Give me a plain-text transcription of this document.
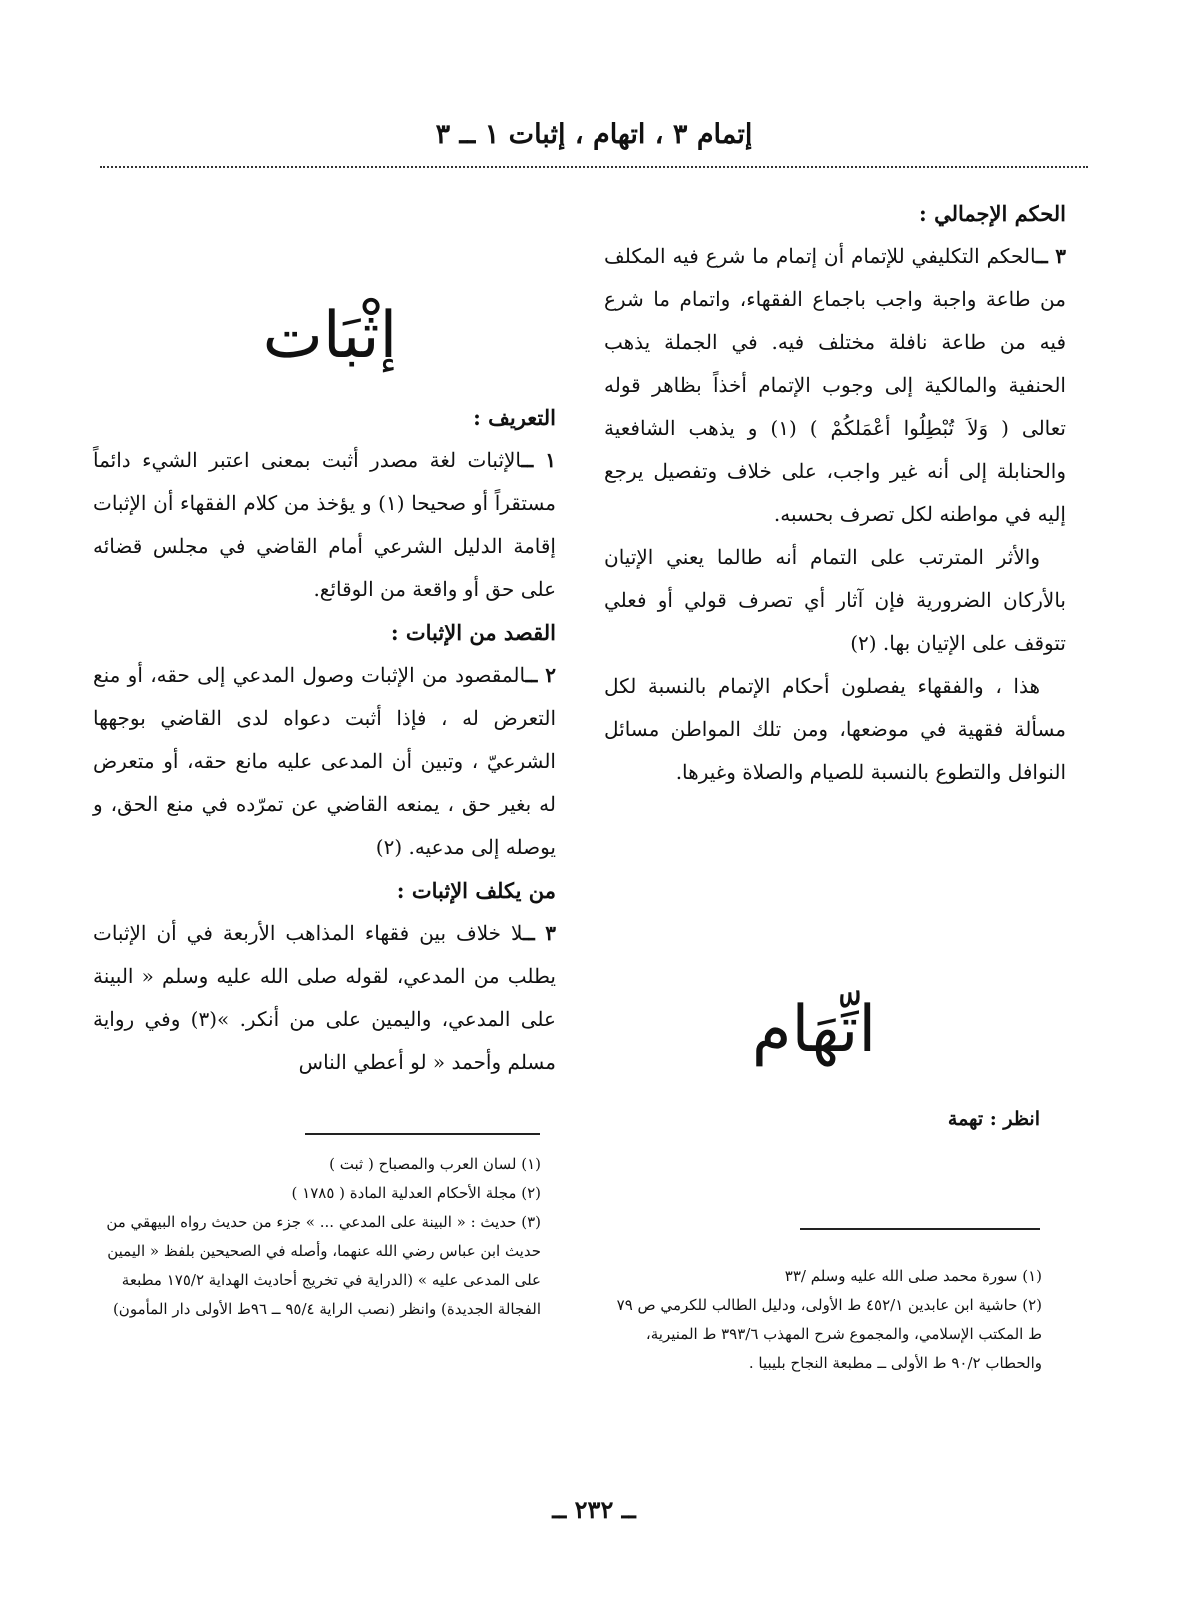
إتمام ٣ ، اتهام ، إثبات ١ ــ ٣

الحكم الإجمالي :

٣ ــالحكم التكليفي للإتمام أن إتمام ما شرع فيه المكلف من طاعة واجبة واجب باجماع الفقهاء، واتمام ما شرع فيه من طاعة نافلة مختلف فيه. في الجملة يذهب الحنفية والمالكية إلى وجوب الإتمام أخذاً بظاهر قوله تعالى ( وَلاَ تُبْطِلُوا أعْمَلكُمْ ) (١) و يذهب الشافعية والحنابلة إلى أنه غير واجب، على خلاف وتفصيل يرجع إليه في مواطنه لكل تصرف بحسبه.

والأثر المترتب على التمام أنه طالما يعني الإتيان بالأركان الضرورية فإن آثار أي تصرف قولي أو فعلي تتوقف على الإتيان بها. (٢)

هذا ، والفقهاء يفصلون أحكام الإتمام بالنسبة لكل مسألة فقهية في موضعها، ومن تلك المواطن مسائل النوافل والتطوع بالنسبة للصيام والصلاة وغيرها.

اتِّهَام
انظر : تهمة

(١) سورة محمد صلى الله عليه وسلم /٣٣

(٢) حاشية ابن عابدين ٤٥٢/١ ط الأولى، ودليل الطالب للكرمي ص ٧٩ ط المكتب الإسلامي، والمجموع شرح المهذب ٣٩٣/٦ ط المنيرية، والحطاب ٩٠/٢ ط الأولى ــ مطبعة النجاح بليبيا .

إثْبَات

التعريف :

١ ــالإثبات لغة مصدر أثبت بمعنى اعتبر الشيء دائماً مستقراً أو صحيحا (١) و يؤخذ من كلام الفقهاء أن الإثبات إقامة الدليل الشرعي أمام القاضي في مجلس قضائه على حق أو واقعة من الوقائع.

القصد من الإثبات :

٢ ــالمقصود من الإثبات وصول المدعي إلى حقه، أو منع التعرض له ، فإذا أثبت دعواه لدى القاضي بوجهها الشرعيّ ، وتبين أن المدعى عليه مانع حقه، أو متعرض له بغير حق ، يمنعه القاضي عن تمرّده في منع الحق، و يوصله إلى مدعيه. (٢)

من يكلف الإثبات :

٣ ــلا خلاف بين فقهاء المذاهب الأربعة في أن الإثبات يطلب من المدعي، لقوله صلى الله عليه وسلم « البينة على المدعي، واليمين على من أنكر. »(٣) وفي رواية مسلم وأحمد « لو أعطي الناس

(١) لسان العرب والمصباح ( ثبت )

(٢) مجلة الأحكام العدلية المادة ( ١٧٨٥ )

(٣) حديث : « البينة على المدعي ... » جزء من حديث رواه البيهقي من حديث ابن عباس رضي الله عنهما، وأصله في الصحيحين بلفظ « اليمين على المدعى عليه » (الدراية في تخريج أحاديث الهداية ١٧٥/٢ مطبعة الفجالة الجديدة) وانظر (نصب الراية ٩٥/٤ ــ ٩٦ط الأولى دار المأمون)

ــ ٢٣٢ ــ
